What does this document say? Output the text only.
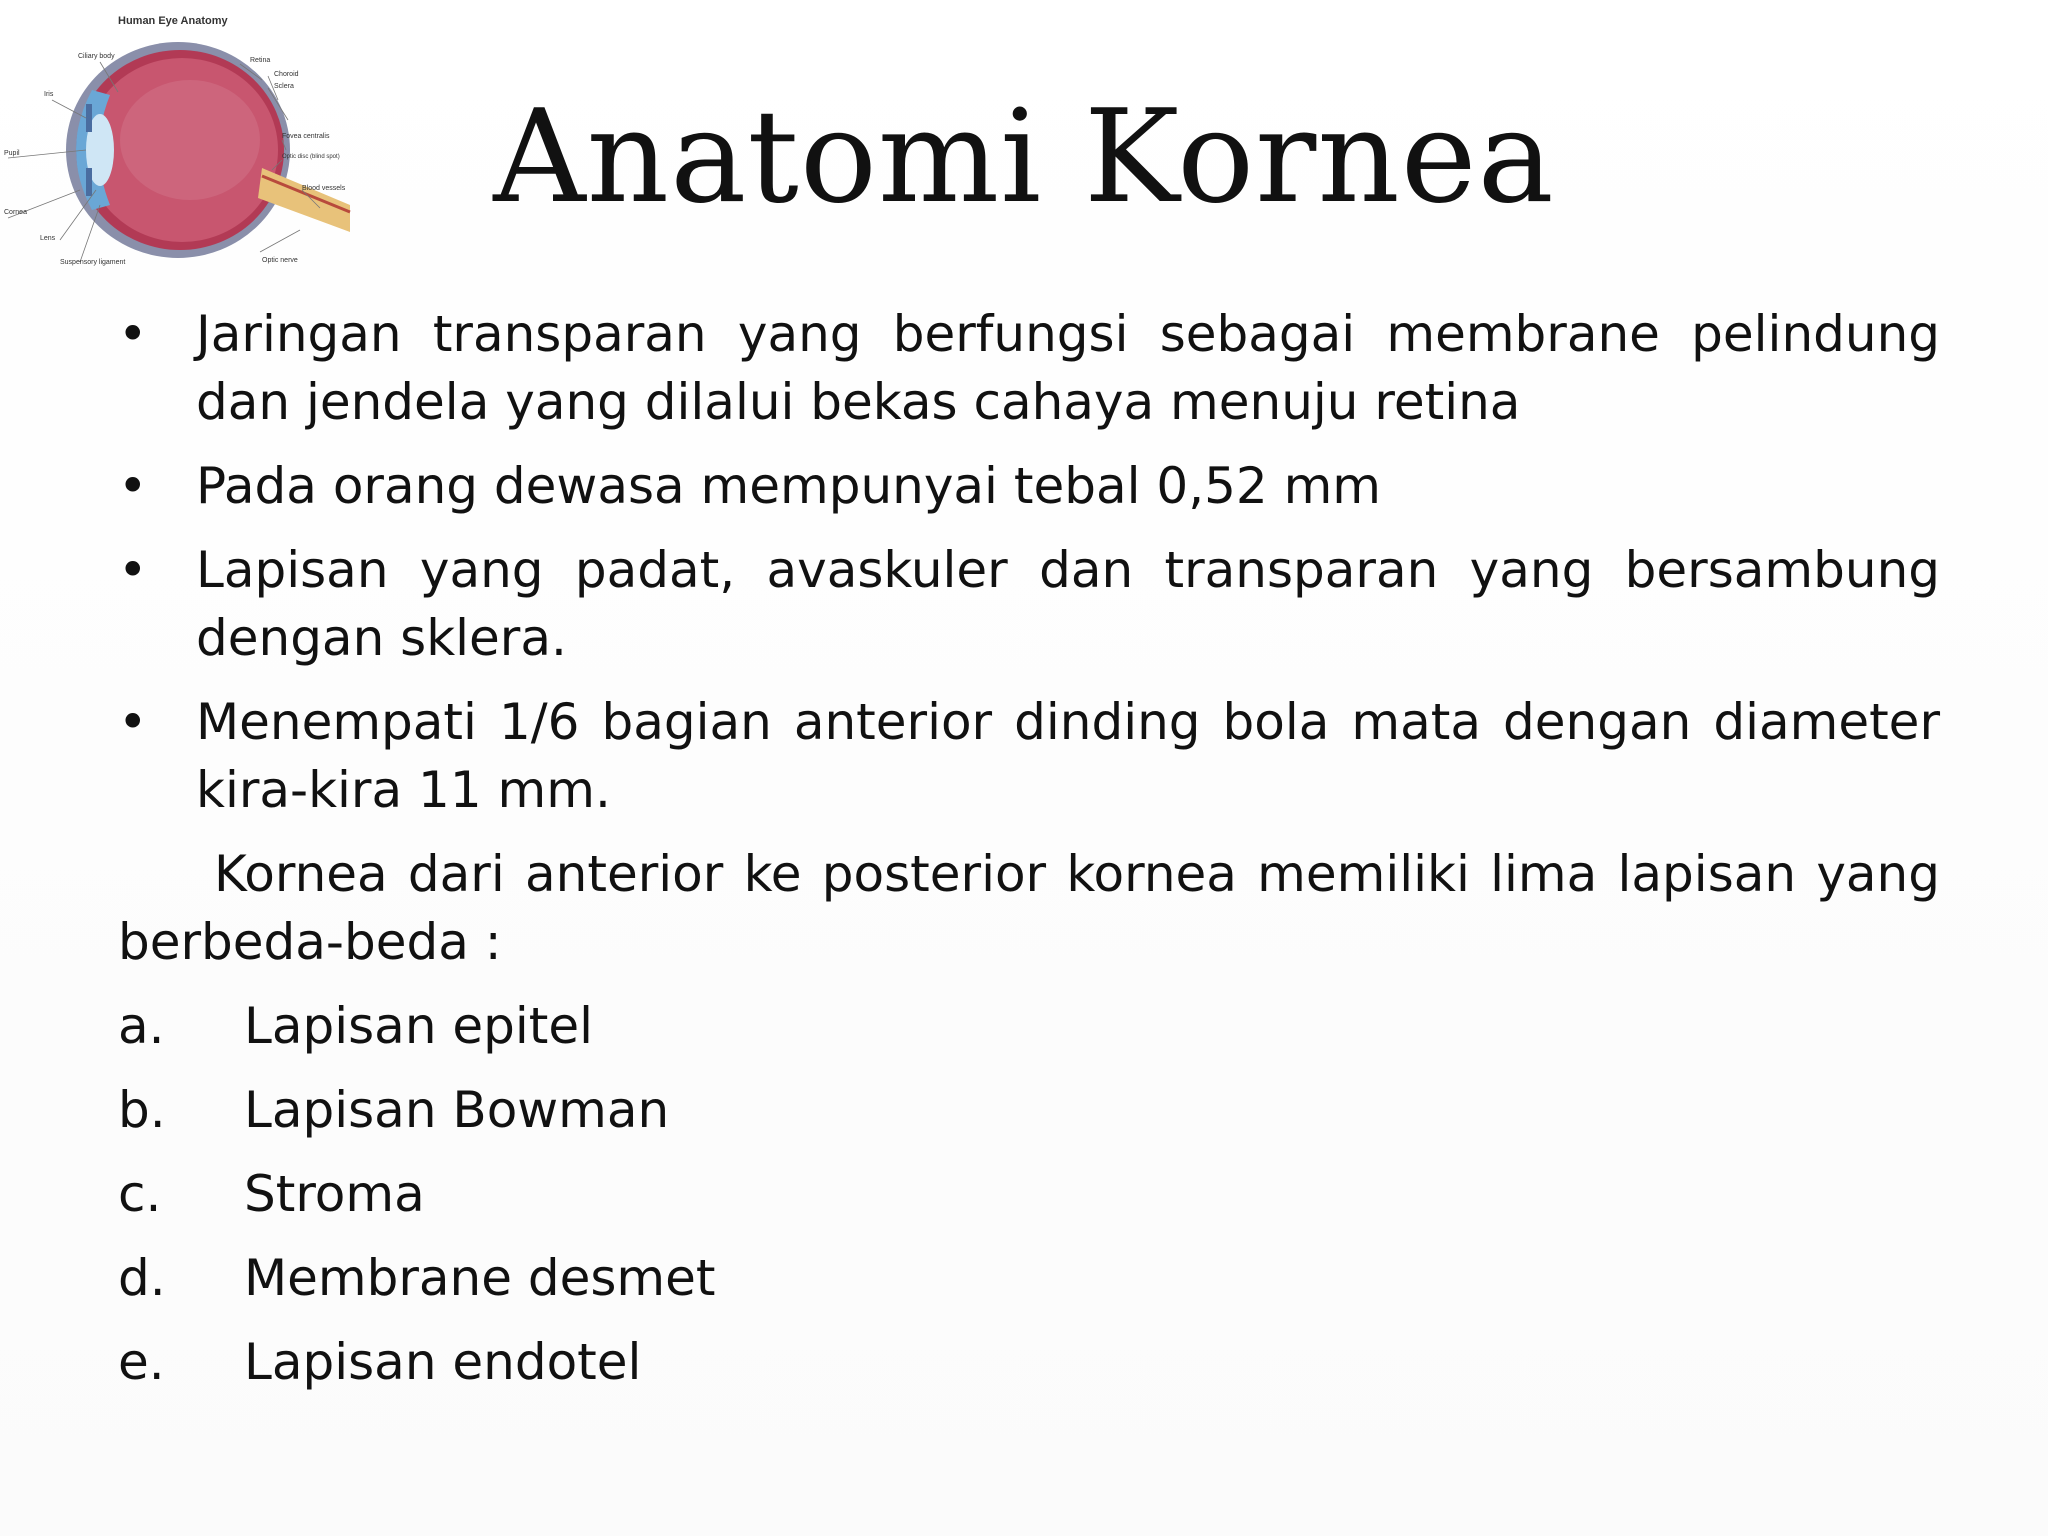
Human Eye Anatomy
Ciliary body
Iris
Pupil
Cornea
Lens
Suspensory ligament
Retina
Choroid
Sclera
Fovea centralis
Optic disc (blind spot)
Blood vessels
Optic nerve
Anatomi Kornea
• Jaringan transparan yang berfungsi sebagai membrane pelindung dan jendela yang dilalui bekas cahaya menuju retina
• Pada orang dewasa mempunyai tebal 0,52 mm
• Lapisan yang padat, avaskuler dan transparan yang bersambung dengan sklera.
• Menempati 1/6 bagian anterior dinding bola mata dengan diameter kira-kira 11 mm.

Kornea dari anterior ke posterior kornea memiliki lima lapisan yang berbeda-beda :

a.	Lapisan epitel
b.	Lapisan Bowman
c.	Stroma
d.	Membrane desmet
e.	Lapisan endotel
